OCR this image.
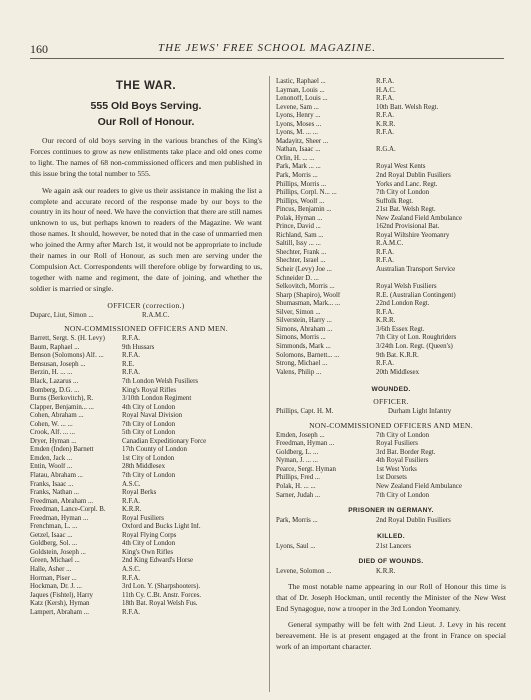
160	THE JEWS' FREE SCHOOL MAGAZINE.
THE WAR.
555 Old Boys Serving.
Our Roll of Honour.

Our record of old boys serving in the various branches of the King's Forces continues to grow as new enlistments take place and old ones come to light. The names of 68 non-commissioned officers and men published in this issue bring the total number to 555.

We again ask our readers to give us their assistance in making the list a complete and accurate record of the response made by our boys to the country in its hour of need. We have the conviction that there are still names unknown to us, but perhaps known to readers of the Magazine. We want those names. It should, however, be noted that in the case of unmarried men who joined the Army after March 1st, it would not be appropriate to include their names in our Roll of Honour, as such men are serving under the Compulsion Act. Correspondents will therefore oblige by forwarding to us, together with name and regiment, the date of joining, and whether the soldier is married or single.

OFFICER (correction.)
Duparc, Liut, Simon ...	R.A.M.C.
NON-COMMISSIONED OFFICERS AND MEN.
Barrett, Sergt. S. (H. Levy)	R.F.A.
Baum, Raphael ...	9th Hussars
Benson (Solomons) Alf. ...	R.F.A.
Bensusan, Joseph ...	R.E.
Berzin, H. ... ...	R.F.A.
Black, Lazarus ...	7th London Welsh Fusiliers
Bomberg, D.G. ...	King's Royal Rifles
Burns (Berkovitch), R.	3/10th London Regiment
Clapper, Benjamin... ...	4th City of London
Cohen, Abraham ...	Royal Naval Division
Cohen, W. ... ...	7th City of London
Crook, Alf. ... ...	5th City of London
Dryer, Hyman ...	Canadian Expeditionary Force
Emden (Inden) Barnett	17th County of London
Emden, Jack ...	1st City of London
Entin, Woolf ...	28th Middlesex
Flatau, Abraham ...	7th City of London
Franks, Isaac ...	A.S.C.
Franks, Nathan ...	Royal Berks
Freedman, Abraham ...	R.F.A.
Freedman, Lance-Corpl. B.	K.R.R.
Freedman, Hyman ...	Royal Fusiliers
Frenchman, L. ...	Oxford and Bucks Light Inf.
Getzel, Isaac ...	Royal Flying Corps
Goldberg, Sol. ...	4th City of London
Goldstein, Joseph ...	King's Own Rifles
Green, Michael ...	2nd King Edward's Horse
Halle, Asher ...	A.S.C.
Horman, Piser ...	R.F.A.
Hockman, Dr. J. ...	3rd Lon. Y. (Sharpshooters).
Jaques (Fishtel), Harry	11th Cy. C.Bt. Anstr. Forces.
Katz (Kersh), Hyman	18th Bat. Royal Welsh Fus.
Lampert, Abraham ...	R.F.A.
Lastic, Raphael ...	R.F.A.
Layman, Louis ...	H.A.C.
Lenonoff, Louis ...	R.F.A.
Levene, Sam ...	10th Batt. Welsh Regt.
Lyons, Henry ...	R.F.A.
Lyons, Moses ...	K.R.R.
Lyons, M. ... ...	R.F.A.
Madayitz, Sheer ...
Nathan, Isaac ...	R.G.A.
Orlin, H. ... ...
Park, Mark ... ...	Royal West Kents
Park, Morris ...	2nd Royal Dublin Fusiliers
Phillips, Morris ...	Yorks and Lanc. Regt.
Phillips, Corpl. N... ...	7th City of London
Phillips, Woolf ...	Suffolk Regt.
Pincus, Benjamin ...	21st Bat. Welsh Regt.
Polak, Hyman ...	New Zealand Field Ambulance
Prince, David ...	162nd Provisional Bat.
Richland, Sam ...	Royal Wiltshire Yeomanry
Saltill, Issy ... ...	R.A.M.C.
Shechter, Frank ...	R.F.A.
Shechter, Israel ...	R.F.A.
Scheir (Levy) Joe ...	Australian Transport Service
Schneider D. ...
Selkovitch, Morris ...	Royal Welsh Fusiliers
Sharp (Shapiro), Woolf	R.E. (Australian Contingent)
Shumasman, Mark... ...	22nd London Regt.
Silver, Simon ...	R.F.A.
Silverstein, Harry ...	K.R.R.
Simons, Abraham ...	3/6th Essex Regt.
Simons, Morris ...	7th City of Lon. Roughriders
Simmonds, Mark ...	3/24th Lon. Regt. (Queen's)
Solomons, Barnett... ...	9th Bat. K.R.R.
Strong, Michael ...	R.F.A.
Valens, Philip ...	20th Middlesex
WOUNDED.
OFFICER.
Phillips, Capt. H. M.	Durham Light Infantry
NON-COMMISSIONED OFFICERS AND MEN.
Emden, Joseph ...	7th City of London
Freedman, Hyman ...	Royal Fusiliers
Goldberg, L. ...	3rd Bat. Border Regt.
Nyman, J. ... ...	4th Royal Fusiliers
Pearce, Sergt. Hyman	1st West Yorks
Phillips, Fred ...	1st Dorsets
Polak, H. ... ...	New Zealand Field Ambulance
Sarner, Judah ...	7th City of London
PRISONER IN GERMANY.
Park, Morris ...	2nd Royal Dublin Fusiliers
KILLED.
Lyons, Saul ...	21st Lancers
DIED OF WOUNDS.
Levene, Solomon ...	K.R.R.

The most notable name appearing in our Roll of Honour this time is that of Dr. Joseph Hockman, until recently the Minister of the New West End Synagogue, now a trooper in the 3rd London Yeomanry.

General sympathy will be felt with 2nd Lieut. J. Levy in his recent bereavement. He is at present engaged at the front in France on special work of an important character.
